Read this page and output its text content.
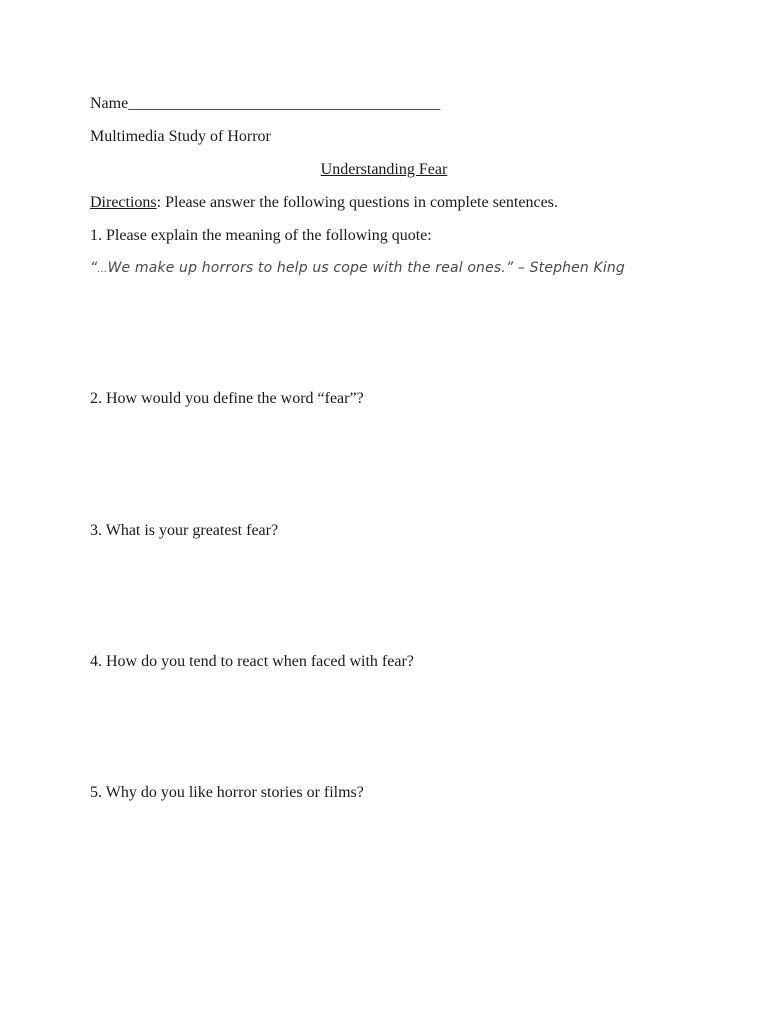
Name_______________________________________
Multimedia Study of Horror
Understanding Fear
Directions: Please answer the following questions in complete sentences.
1. Please explain the meaning of the following quote:
“…We make up horrors to help us cope with the real ones.” – Stephen King
2. How would you define the word “fear”?
3. What is your greatest fear?
4. How do you tend to react when faced with fear?
5. Why do you like horror stories or films?
